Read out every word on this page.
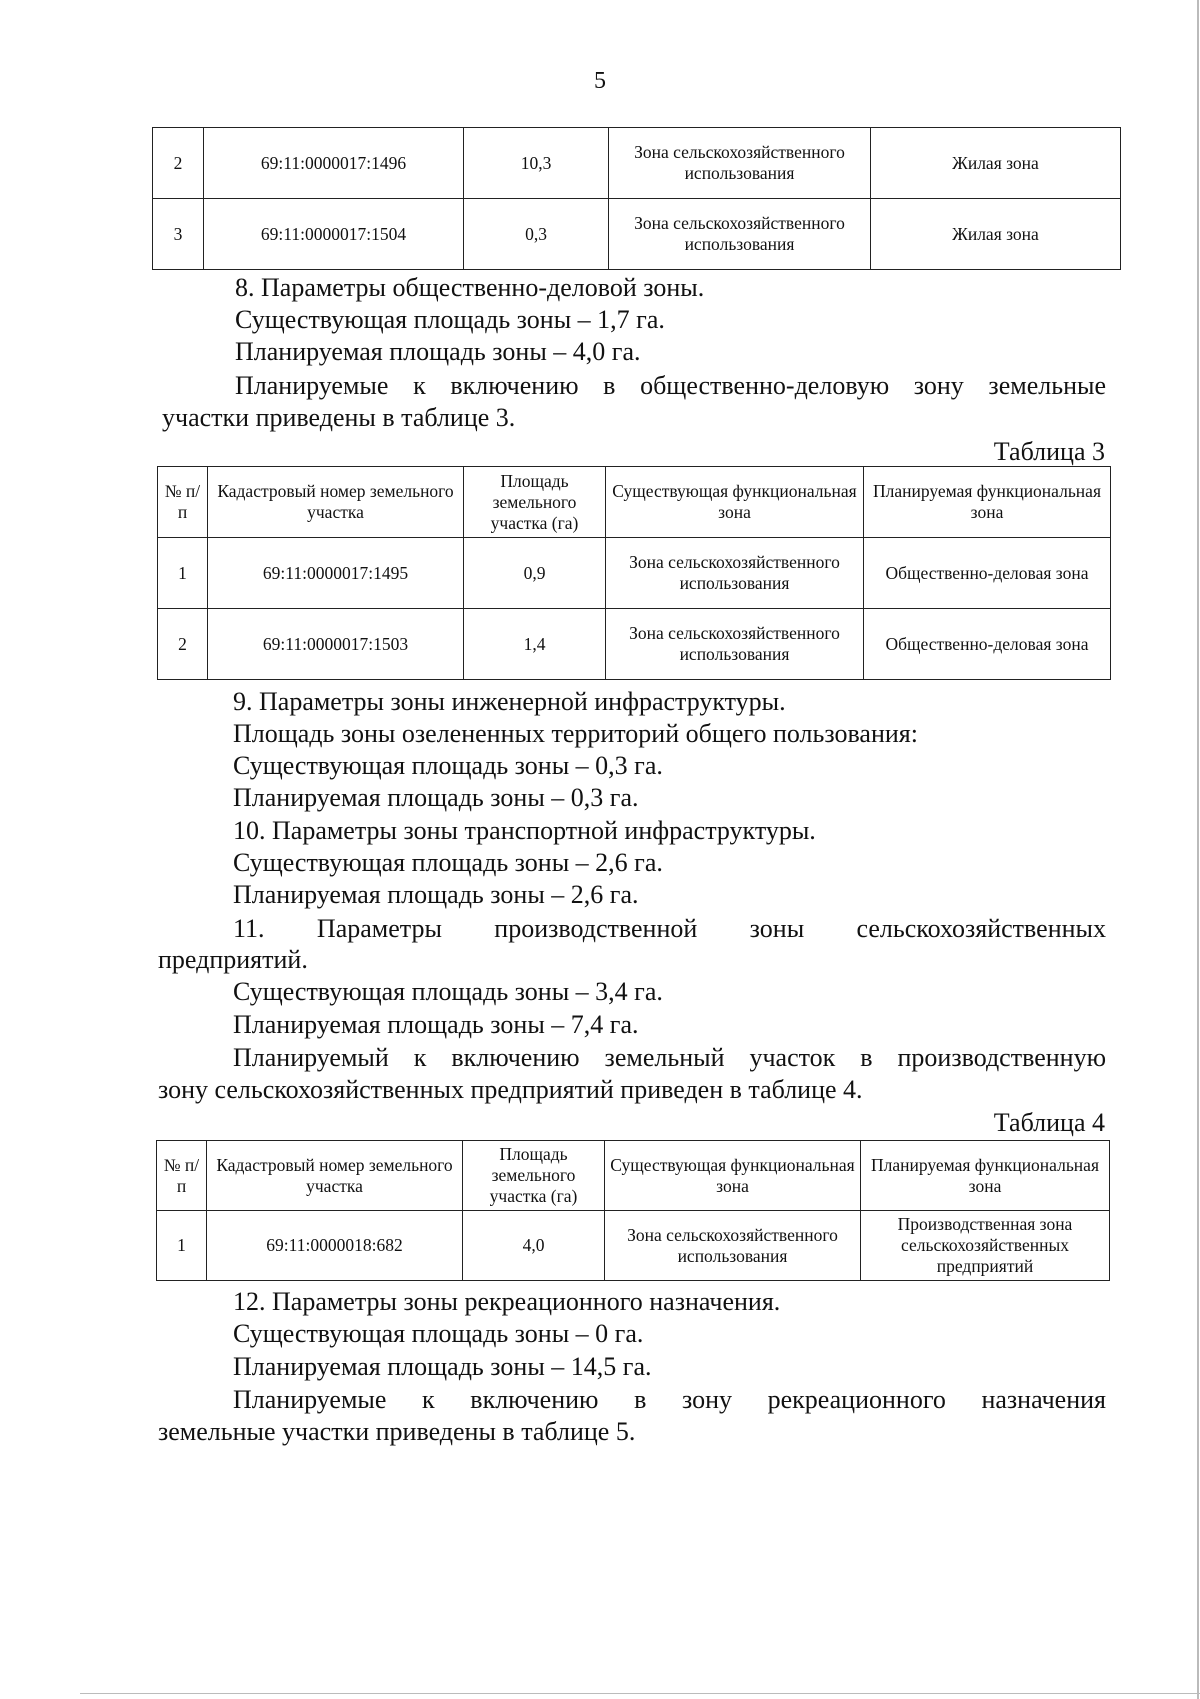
5
2	69:11:0000017:1496	10,3	Зона сельскохозяйственного использования	Жилая зона
3	69:11:0000017:1504	0,3	Зона сельскохозяйственного использования	Жилая зона
8. Параметры общественно-деловой зоны.
Существующая площадь зоны – 1,7 га.
Планируемая площадь зоны – 4,0 га.
Планируемые к включению в общественно-деловую зону земельные
участки приведены в таблице 3.
Таблица 3
№ п/п	Кадастровый номер земельного участка	Площадь земельного участка (га)	Существующая функциональная зона	Планируемая функциональная зона
1	69:11:0000017:1495	0,9	Зона сельскохозяйственного использования	Общественно-деловая зона
2	69:11:0000017:1503	1,4	Зона сельскохозяйственного использования	Общественно-деловая зона
9. Параметры зоны инженерной инфраструктуры.
Площадь зоны озелененных территорий общего пользования:
Существующая площадь зоны – 0,3 га.
Планируемая площадь зоны – 0,3 га.
10. Параметры зоны транспортной инфраструктуры.
Существующая площадь зоны – 2,6 га.
Планируемая площадь зоны – 2,6 га.
11. Параметры производственной зоны сельскохозяйственных
предприятий.
Существующая площадь зоны – 3,4 га.
Планируемая площадь зоны – 7,4 га.
Планируемый к включению земельный участок в производственную
зону сельскохозяйственных предприятий приведен в таблице 4.
Таблица 4
№ п/п	Кадастровый номер земельного участка	Площадь земельного участка (га)	Существующая функциональная зона	Планируемая функциональная зона
1	69:11:0000018:682	4,0	Зона сельскохозяйственного использования	Производственная зона сельскохозяйственных предприятий
12. Параметры зоны рекреационного назначения.
Существующая площадь зоны – 0 га.
Планируемая площадь зоны – 14,5 га.
Планируемые к включению в зону рекреационного назначения
земельные участки приведены в таблице 5.
